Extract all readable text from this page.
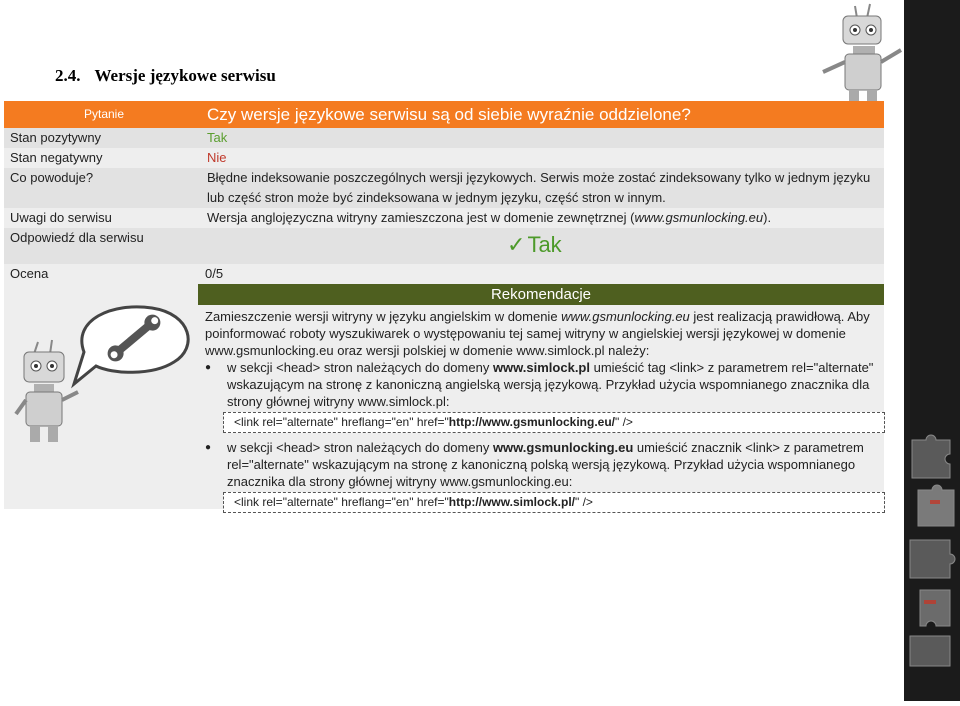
2.4. Wersje językowe serwisu
Pytanie	Czy wersje językowe serwisu są od siebie wyraźnie oddzielone?
Stan pozytywny	Tak
Stan negatywny	Nie
Co powoduje?	Błędne indeksowanie poszczególnych wersji językowych. Serwis może zostać zindeksowany tylko w jednym języku lub część stron może być zindeksowana w jednym języku, część stron w innym.
Uwagi do serwisu	Wersja anglojęzyczna witryny zamieszczona jest w domenie zewnętrznej (www.gsmunlocking.eu).
Odpowiedź dla serwisu	✓Tak
Ocena	0/5
Rekomendacje

Zamieszczenie wersji witryny w języku angielskim w domenie www.gsmunlocking.eu jest realizacją prawidłową. Aby poinformować roboty wyszukiwarek o występowaniu tej samej witryny w angielskiej wersji językowej w domenie www.gsmunlocking.eu oraz wersji polskiej w domenie www.simlock.pl należy:

● w sekcji <head> stron należących do domeny www.simlock.pl umieścić tag <link> z parametrem rel="alternate" wskazującym na stronę z kanoniczną angielską wersją językową. Przykład użycia wspomnianego znacznika dla strony głównej witryny www.simlock.pl:
<link rel="alternate" hreflang="en" href="http://www.gsmunlocking.eu/" />
● w sekcji <head> stron należących do domeny www.gsmunlocking.eu umieścić znacznik <link> z parametrem rel="alternate" wskazującym na stronę z kanoniczną polską wersją językową. Przykład użycia wspomnianego znacznika dla strony głównej witryny www.gsmunlocking.eu:
<link rel="alternate" hreflang="en" href="http://www.simlock.pl/" />
